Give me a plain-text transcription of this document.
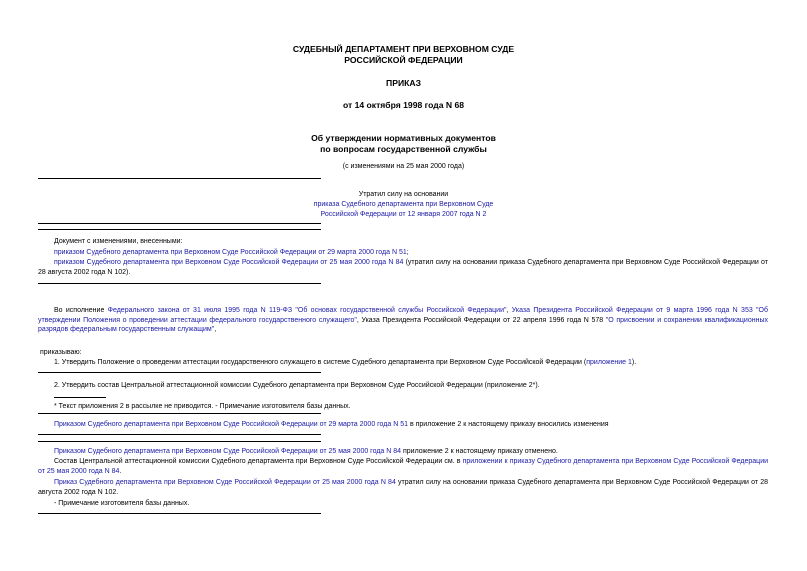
СУДЕБНЫЙ ДЕПАРТАМЕНТ ПРИ ВЕРХОВНОМ СУДЕ
РОССИЙСКОЙ ФЕДЕРАЦИИ
ПРИКАЗ
от 14 октября 1998 года N 68
Об утверждении нормативных документов
по вопросам государственной службы
(с изменениями на 25 мая 2000 года)
Утратил силу на основании
приказа Судебного департамента при Верховном Суде
Российской Федерации от 12 января 2007 года N 2
Документ с изменениями, внесенными:
приказом Судебного департамента при Верховном Суде Российской Федерации от 29 марта 2000 года N 51;
приказом Судебного департамента при Верховном Суде Российской Федерации от 25 мая 2000 года N 84 (утратил силу на основании приказа Судебного департамента при Верховном Суде Российской Федерации от 28 августа 2002 года N 102).
Во исполнение Федерального закона от 31 июля 1995 года N 119-ФЗ "Об основах государственной службы Российской Федерации", Указа Президента Российской Федерации от 9 марта 1996 года N 353 "Об утверждении Положения о проведении аттестации федерального государственного служащего", Указа Президента Российской Федерации от 22 апреля 1996 года N 578 "О присвоении и сохранении квалификационных разрядов федеральным государственным служащим",
приказываю:
1. Утвердить Положение о проведении аттестации государственного служащего в системе Судебного департамента при Верховном Суде Российской Федерации (приложение 1).
2. Утвердить состав Центральной аттестационной комиссии Судебного департамента при Верховном Суде Российской Федерации (приложение 2*).
* Текст приложения 2 в рассылке не приводится. - Примечание изготовителя базы данных.
Приказом Судебного департамента при Верховном Суде Российской Федерации от 29 марта 2000 года N 51 в приложение 2 к настоящему приказу вносились изменения
Приказом Судебного департамента при Верховном Суде Российской Федерации от 25 мая 2000 года N 84 приложение 2 к настоящему приказу отменено.
Состав Центральной аттестационной комиссии Судебного департамента при Верховном Суде Российской Федерации см. в приложении к приказу Судебного департамента при Верховном Суде Российской Федерации от 25 мая 2000 года N 84.
Приказ Судебного департамента при Верховном Суде Российской Федерации от 25 мая 2000 года N 84 утратил силу на основании приказа Судебного департамента при Верховном Суде Российской Федерации от 28 августа 2002 года N 102.
- Примечание изготовителя базы данных.
